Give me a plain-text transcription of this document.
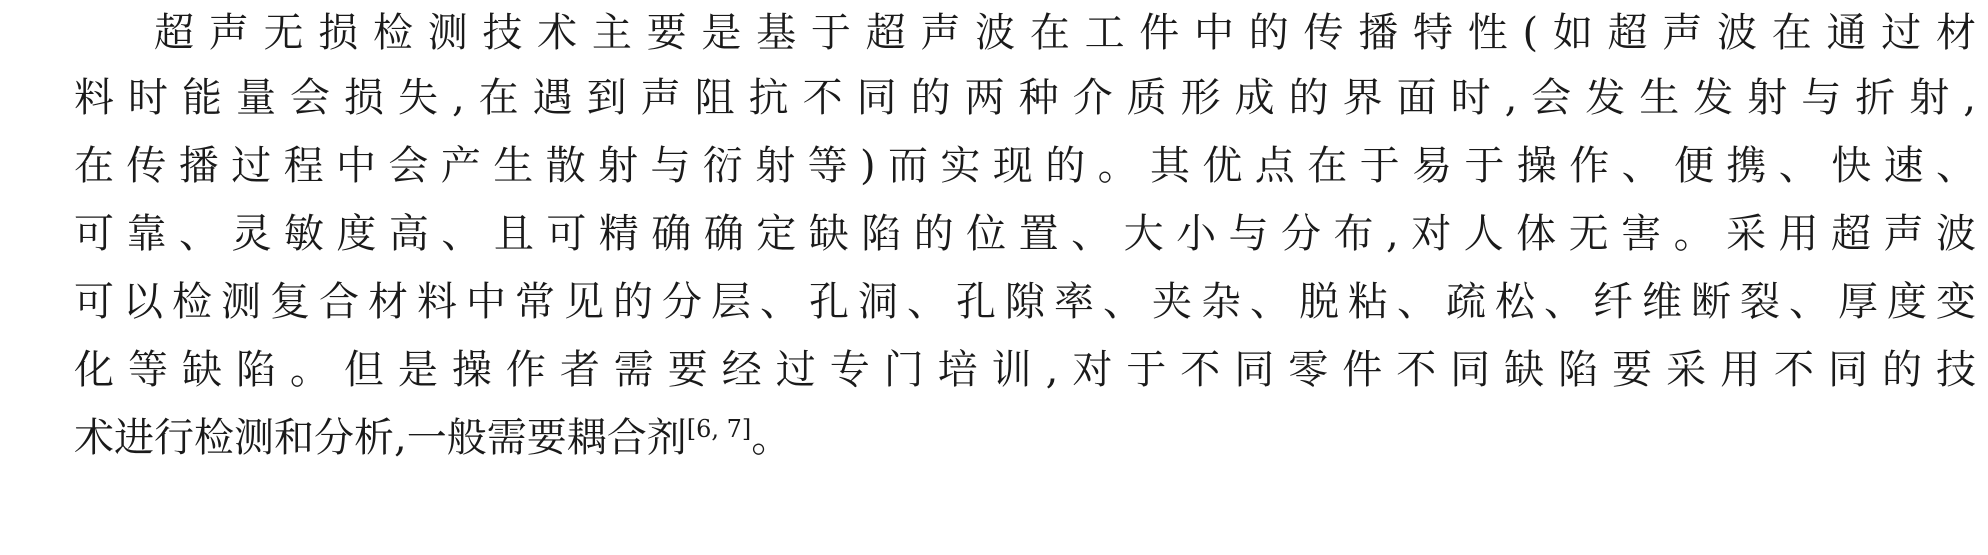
超声无损检测技术主要是基于超声波在工件中的传播特性(如超声波在通过材
料时能量会损失,在遇到声阻抗不同的两种介质形成的界面时,会发生发射与折射,
在传播过程中会产生散射与衍射等)而实现的。其优点在于易于操作、便携、快速、
可靠、灵敏度高、且可精确确定缺陷的位置、大小与分布,对人体无害。采用超声波
可以检测复合材料中常见的分层、孔洞、孔隙率、夹杂、脱粘、疏松、纤维断裂、厚度变
化等缺陷。但是操作者需要经过专门培训,对于不同零件不同缺陷要采用不同的技
术进行检测和分析,一般需要耦合剂[6, 7]。
